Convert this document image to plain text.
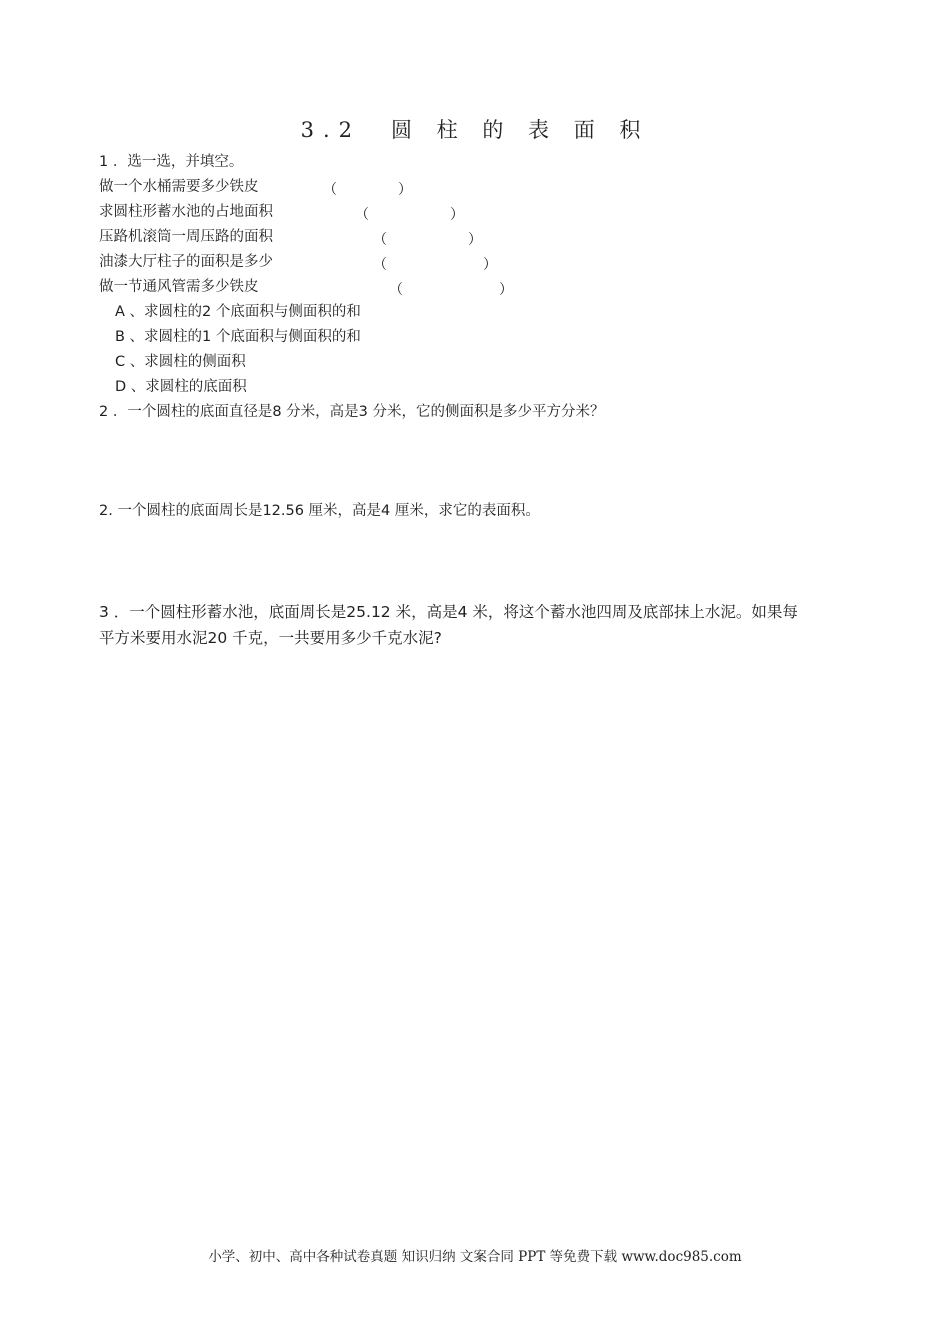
3.2　圆 柱 的 表 面 积
1 ．选一选，并填空。
做一个水桶需要多少铁皮	（	）
求圆柱形蓄水池的占地面积	（	）
压路机滚筒一周压路的面积	（	）
油漆大厅柱子的面积是多少	（	）
做一节通风管需多少铁皮	（	）
A 、求圆柱的2 个底面积与侧面积的和
B 、求圆柱的1 个底面积与侧面积的和
C 、求圆柱的侧面积
D 、求圆柱的底面积
2 ．一个圆柱的底面直径是8 分米，高是3 分米，它的侧面积是多少平方分米？
2. 一个圆柱的底面周长是12.56 厘米，高是4 厘米，求它的表面积。
3 ．一个圆柱形蓄水池，底面周长是25.12 米，高是4 米，将这个蓄水池四周及底部抹上水泥。如果每
平方米要用水泥20 千克，一共要用多少千克水泥?
小学、初中、高中各种试卷真题 知识归纳 文案合同 PPT 等免费下载 www.doc985.com
